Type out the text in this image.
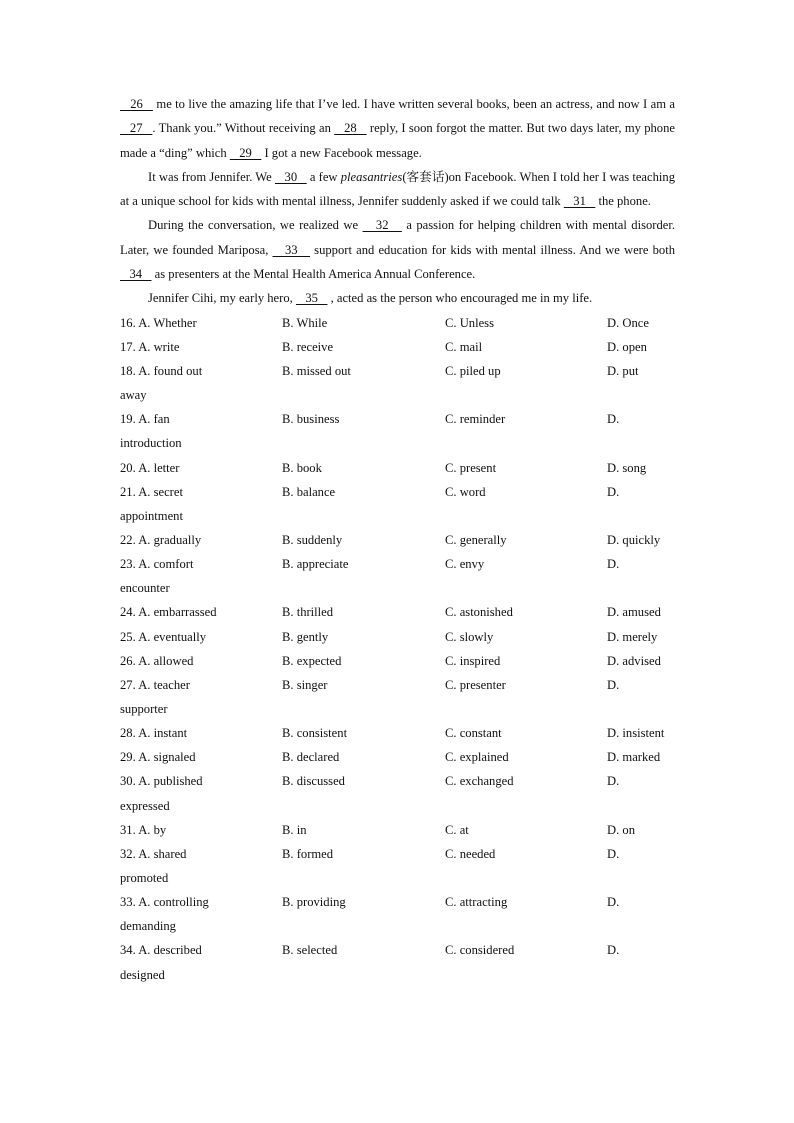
26    me to live the amazing life that I’ve led. I have written several books, been an actress, and now I am a    27   . Thank you.” Without receiving an    28    reply, I soon forgot the matter. But two days later, my phone made a “ding” which    29    I got a new Facebook message.

It was from Jennifer. We    30    a few pleasantries(客套话)on Facebook. When I told her I was teaching at a unique school for kids with mental illness, Jennifer suddenly asked if we could talk    31    the phone.

During the conversation, we realized we    32    a passion for helping children with mental disorder. Later, we founded Mariposa,    33    support and education for kids with mental illness. And we were both    34    as presenters at the Mental Health America Annual Conference.

Jennifer Cihi, my early hero,    35    , acted as the person who encouraged me in my life.

16. A. Whether	B. While	C. Unless	D. Once
17. A. write	B. receive	C. mail	D. open
18. A. found out	B. missed out	C. piled up	D. put
away
19. A. fan	B. business	C. reminder	D.
introduction
20. A. letter	B. book	C. present	D. song
21. A. secret	B. balance	C. word	D.
appointment
22. A. gradually	B. suddenly	C. generally	D. quickly
23. A. comfort	B. appreciate	C. envy	D.
encounter
24. A. embarrassed	B. thrilled	C. astonished	D. amused
25. A. eventually	B. gently	C. slowly	D. merely
26. A. allowed	B. expected	C. inspired	D. advised
27. A. teacher	B. singer	C. presenter	D.
supporter
28. A. instant	B. consistent	C. constant	D. insistent
29. A. signaled	B. declared	C. explained	D. marked
30. A. published	B. discussed	C. exchanged	D.
expressed
31. A. by	B. in	C. at	D. on
32. A. shared	B. formed	C. needed	D.
promoted
33. A. controlling	B. providing	C. attracting	D.
demanding
34. A. described	B. selected	C. considered	D.
designed
